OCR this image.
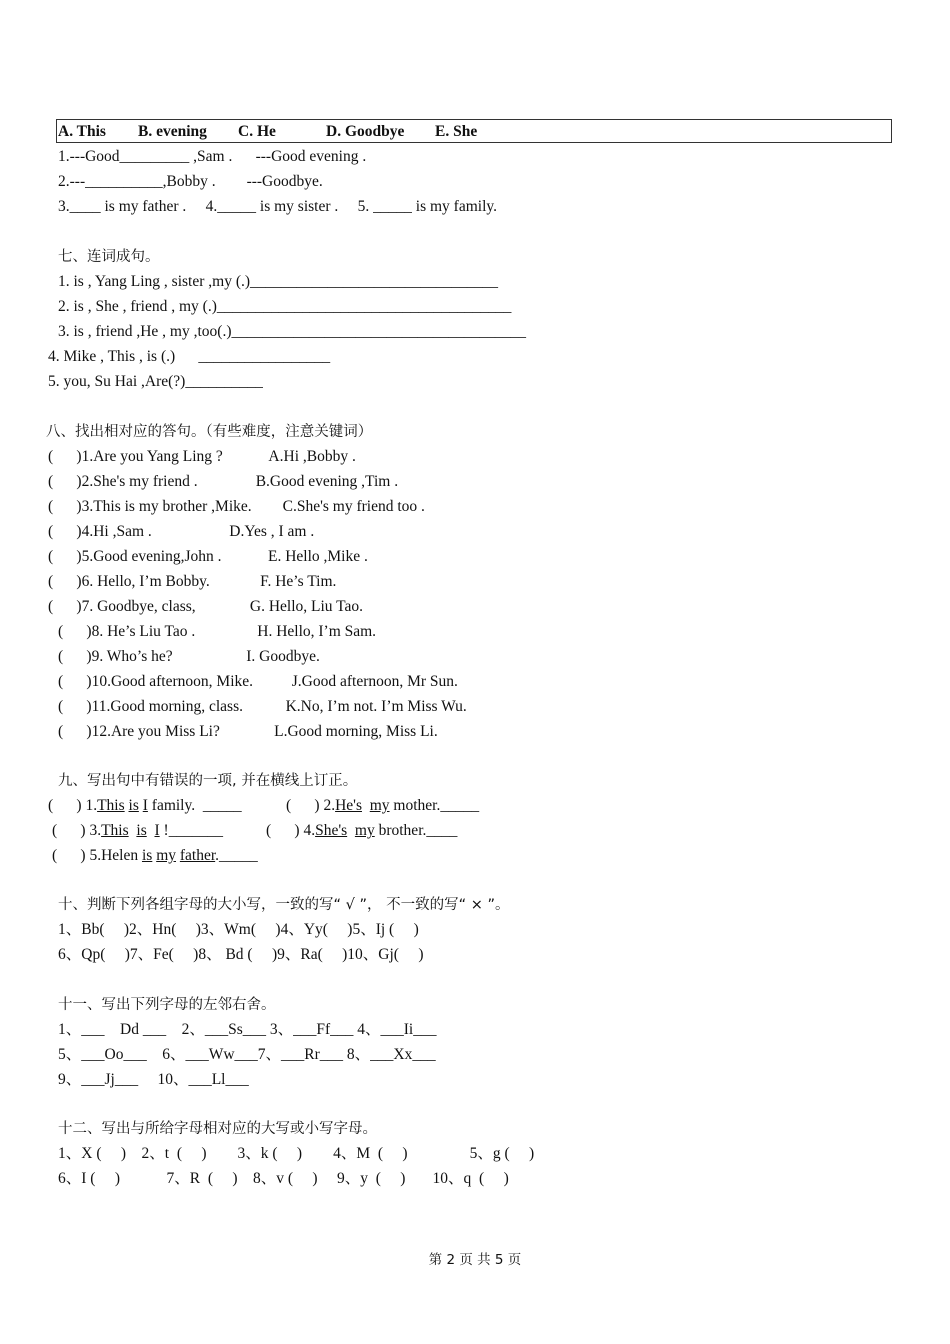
A. This B. evening C. He	D. Goodbye E. She
1.---Good_________ ,Sam .      ---Good evening .
2.---__________,Bobby .        ---Goodbye.
3.____ is my father .     4._____ is my sister .     5. _____ is my family.
七、连词成句。
1. is , Yang Ling , sister ,my (.)________________________________
2. is , She , friend , my (.)______________________________________
3. is , friend ,He , my ,too(.)______________________________________
4. Mike , This , is (.)      _________________
5. you, Su Hai ,Are(?)__________
八、找出相对应的答句。（有些难度，注意关键词）
(      )1.Are you Yang Ling ?            A.Hi ,Bobby .
(      )2.She's my friend .               B.Good evening ,Tim .
(      )3.This is my brother ,Mike.        C.She's my friend too .
(      )4.Hi ,Sam .                    D.Yes , I am .
(      )5.Good evening,John .            E. Hello ,Mike .
(      )6. Hello, I’m Bobby.             F. He’s Tim.
(      )7. Goodbye, class,              G. Hello, Liu Tao.
(      )8. He’s Liu Tao .                H. Hello, I’m Sam.
(      )9. Who’s he?                   I. Goodbye.
(      )10.Good afternoon, Mike.          J.Good afternoon, Mr Sun.
(      )11.Good morning, class.           K.No, I’m not. I’m Miss Wu.
(      )12.Are you Miss Li?              L.Good morning, Miss Li.
九、写出句中有错误的一项, 并在横线上订正。
(      ) 1.This is I family.  _____	(      ) 2.He's my mother._____
(      ) 3.This is I !_______	(      ) 4.She's my brother.____
(      ) 5.Helen is my father._____
十、判断下列各组字母的大小写，一致的写“ √ ”， 不一致的写“ × ”。
1、Bb(     )2、Hn(     )3、Wm(     )4、Yy(     )5、Ij (     )
6、Qp(     )7、Fe(     )8、 Bd (     )9、Ra(     )10、Gj(     )
十一、写出下列字母的左邻右舍。
1、___    Dd ___    2、___Ss___ 3、___Ff___ 4、___Ii___
5、___Oo___    6、___Ww___7、___Rr___ 8、___Xx___
9、___Jj___     10、___Ll___
十二、写出与所给字母相对应的大写或小写字母。
1、X (     )    2、t  (     )        3、k (     )        4、M  (     )                5、g (     )
6、I (     )            7、R  (     )    8、v (     )     9、y  (     )       10、q  (     )
第 2 页 共 5 页
